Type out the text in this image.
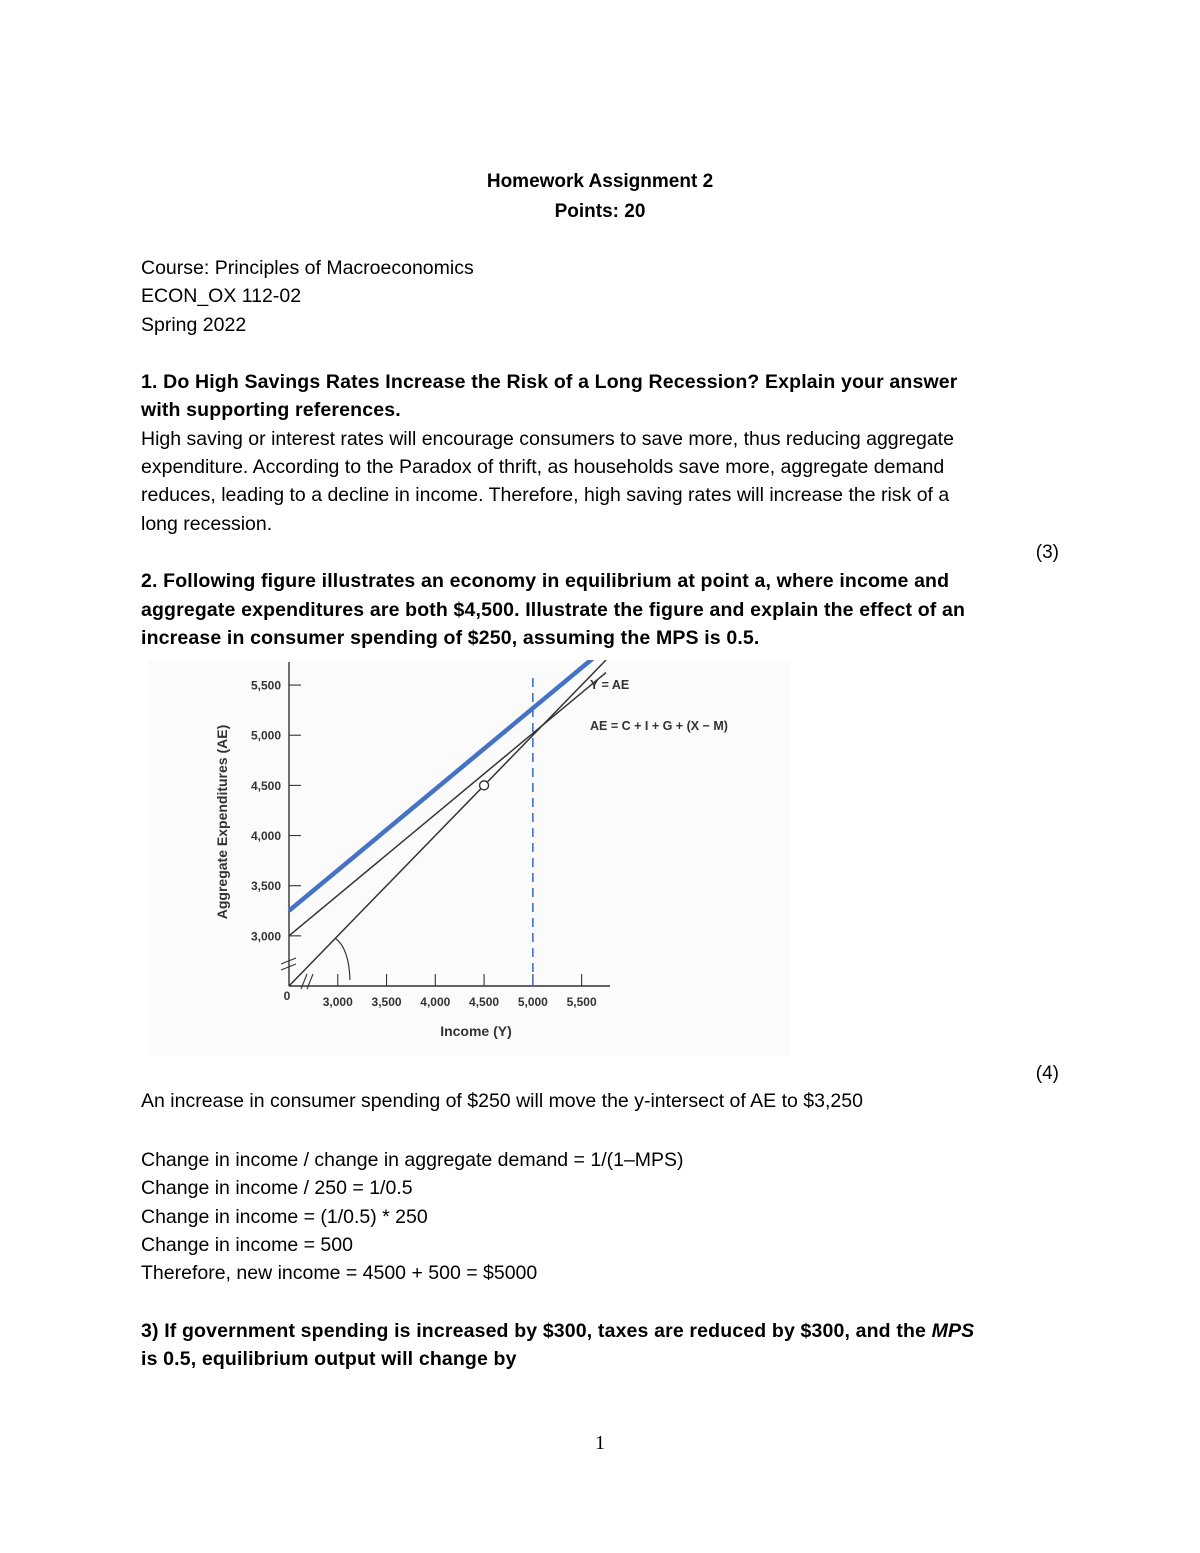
Homework Assignment 2
Points: 20
Course: Principles of Macroeconomics
ECON_OX 112-02
Spring 2022
1. Do High Savings Rates Increase the Risk of a Long Recession? Explain your answer
with supporting references.
High saving or interest rates will encourage consumers to save more, thus reducing aggregate
expenditure. According to the Paradox of thrift, as households save more, aggregate demand
reduces, leading to a decline in income. Therefore, high saving rates will increase the risk of a
long recession.
(3)
2. Following figure illustrates an economy in equilibrium at point a, where income and
aggregate expenditures are both $4,500. Illustrate the figure and explain the effect of an
increase in consumer spending of $250, assuming the MPS is 0.5.
3,000
3,500
4,000
4,500
5,000
5,500
3,000 3,500 4,000 4,500 5,000 5,500
Aggregate Expenditures (AE)
Income (Y)
0
Y = AE
AE = C + I + G + (X − M)
(4)
An increase in consumer spending of $250 will move the y-intersect of AE to $3,250
Change in income / change in aggregate demand = 1/(1–MPS)
Change in income / 250 = 1/0.5
Change in income = (1/0.5) * 250
Change in income = 500
Therefore, new income = 4500 + 500 = $5000
3) If government spending is increased by $300, taxes are reduced by $300, and the MPS
is 0.5, equilibrium output will change by
1
